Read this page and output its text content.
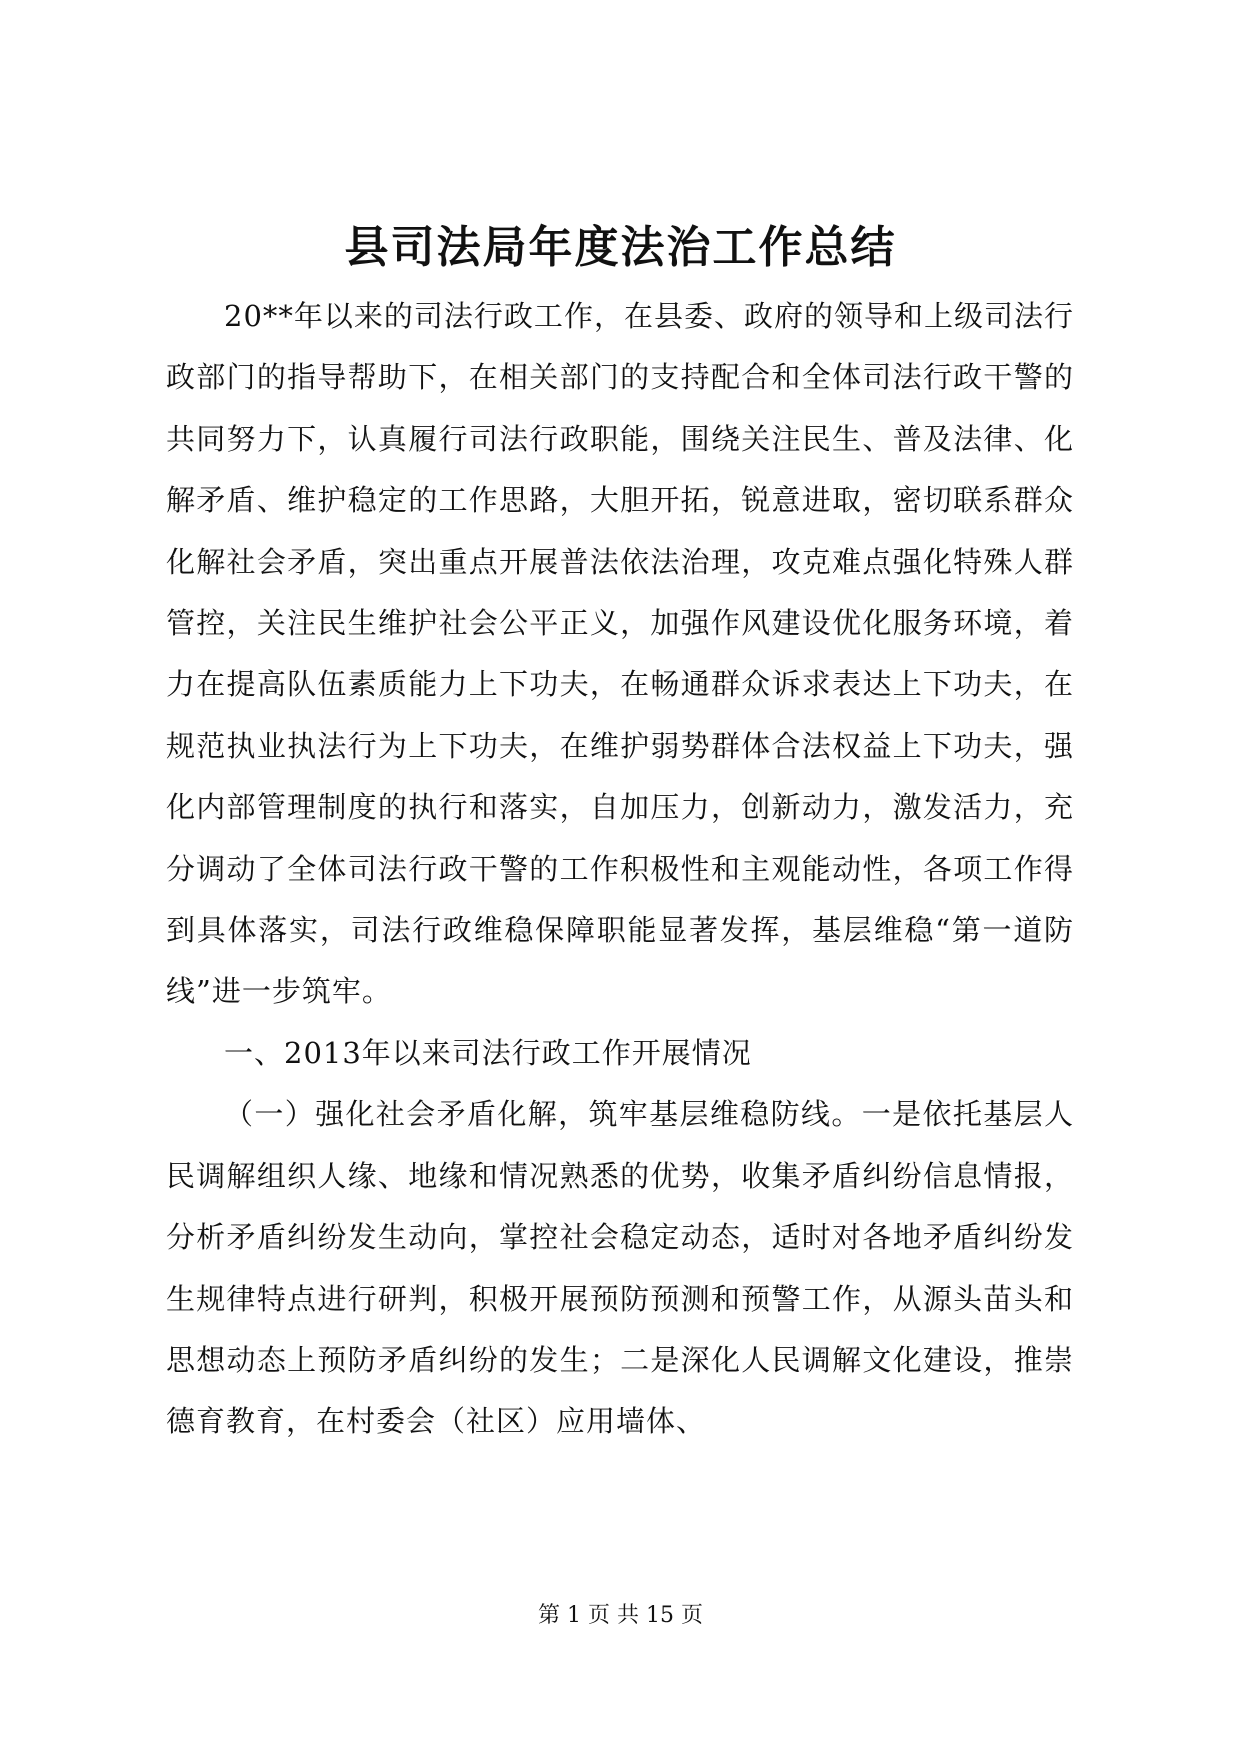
县司法局年度法治工作总结

20**年以来的司法行政工作，在县委、政府的领导和上级司法行政部门的指导帮助下，在相关部门的支持配合和全体司法行政干警的共同努力下，认真履行司法行政职能，围绕关注民生、普及法律、化解矛盾、维护稳定的工作思路，大胆开拓，锐意进取，密切联系群众化解社会矛盾，突出重点开展普法依法治理，攻克难点强化特殊人群管控，关注民生维护社会公平正义，加强作风建设优化服务环境，着力在提高队伍素质能力上下功夫，在畅通群众诉求表达上下功夫，在规范执业执法行为上下功夫，在维护弱势群体合法权益上下功夫，强化内部管理制度的执行和落实，自加压力，创新动力，激发活力，充分调动了全体司法行政干警的工作积极性和主观能动性，各项工作得到具体落实，司法行政维稳保障职能显著发挥，基层维稳“第一道防线”进一步筑牢。

一、2013年以来司法行政工作开展情况

（一）强化社会矛盾化解，筑牢基层维稳防线。一是依托基层人民调解组织人缘、地缘和情况熟悉的优势，收集矛盾纠纷信息情报，分析矛盾纠纷发生动向，掌控社会稳定动态，适时对各地矛盾纠纷发生规律特点进行研判，积极开展预防预测和预警工作，从源头苗头和思想动态上预防矛盾纠纷的发生；二是深化人民调解文化建设，推崇德育教育，在村委会（社区）应用墙体、

第 1 页 共 15 页
